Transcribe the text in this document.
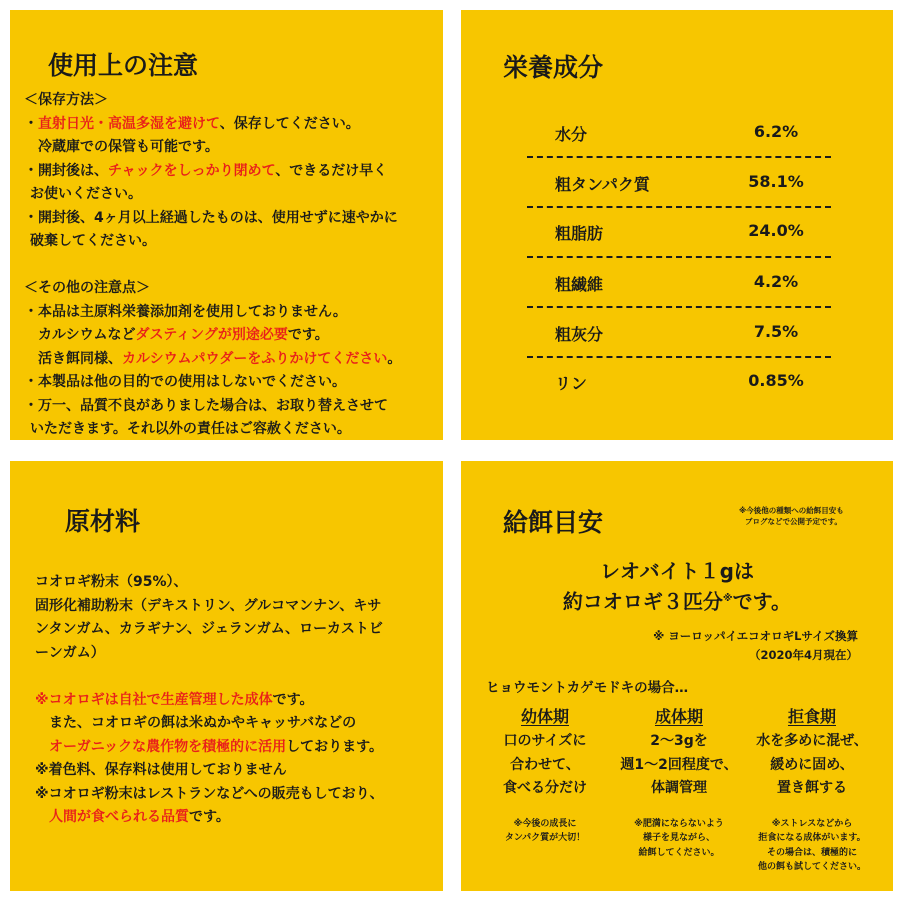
使用上の注意
＜保存方法＞
・直射日光・高温多湿を避けて、保存してください。
冷蔵庫での保管も可能です。
・開封後は、チャックをしっかり閉めて、できるだけ早く
お使いください。
・開封後、4ヶ月以上経過したものは、使用せずに速やかに
破棄してください。
＜その他の注意点＞
・本品は主原料栄養添加剤を使用しておりません。
カルシウムなどダスティングが別途必要です。
活き餌同様、カルシウムパウダーをふりかけてください。
・本製品は他の目的での使用はしないでください。
・万一、品質不良がありました場合は、お取り替えさせて
いただきます。それ以外の責任はご容赦ください。
栄養成分
水分	6.2%
粗タンパク質	58.1%
粗脂肪	24.0%
粗繊維	4.2%
粗灰分	7.5%
リン	0.85%
原材料
コオロギ粉末（95%）、
固形化補助粉末（デキストリン、グルコマンナン、キサ
ンタンガム、カラギナン、ジェランガム、ローカストビ
ーンガム）
※コオロギは自社で生産管理した成体です。
また、コオロギの餌は米ぬかやキャッサバなどの
オーガニックな農作物を積極的に活用しております。
※着色料、保存料は使用しておりません
※コオロギ粉末はレストランなどへの販売もしており、
人間が食べられる品質です。
給餌目安	※今後他の種類への給餌目安も
ブログなどで公開予定です。
レオバイト１gは
約コオロギ３匹分※です。
※ ヨーロッパイエコオロギLサイズ換算
（2020年4月現在）
ヒョウモントカゲモドキの場合…
幼体期
口のサイズに
合わせて、
食べる分だけ
※今後の成長に
タンパク質が大切！
成体期
2～3gを
週1～2回程度で、
体調管理
※肥満にならないよう
様子を見ながら、
給餌してください。
拒食期
水を多めに混ぜ、
緩めに固め、
置き餌する
※ストレスなどから
拒食になる成体がいます。
その場合は、積極的に
他の餌も試してください。
